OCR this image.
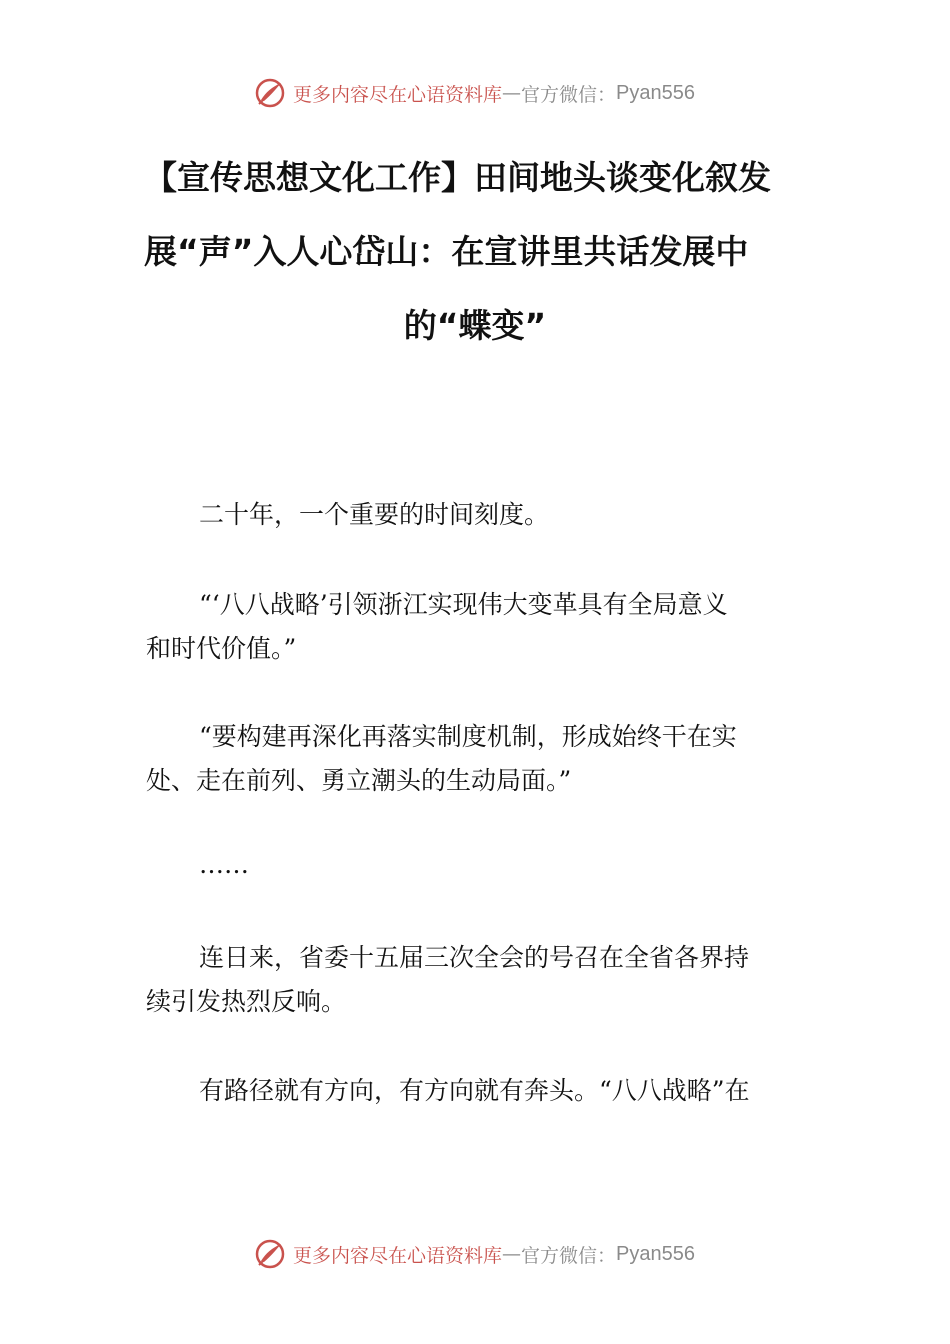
更多内容尽在心语资料库 — 官方微信： Pyan556
【宣传思想文化工作】田间地头谈变化叙发
展“声”入人心岱山：在宣讲里共话发展中
的“蝶变”
二十年，一个重要的时间刻度。
“‘八八战略’引领浙江实现伟大变革具有全局意义
和时代价值。”
“要构建再深化再落实制度机制，形成始终干在实
处、走在前列、勇立潮头的生动局面。”
……
连日来，省委十五届三次全会的号召在全省各界持
续引发热烈反响。
有路径就有方向，有方向就有奔头。“八八战略”在
更多内容尽在心语资料库 — 官方微信： Pyan556
